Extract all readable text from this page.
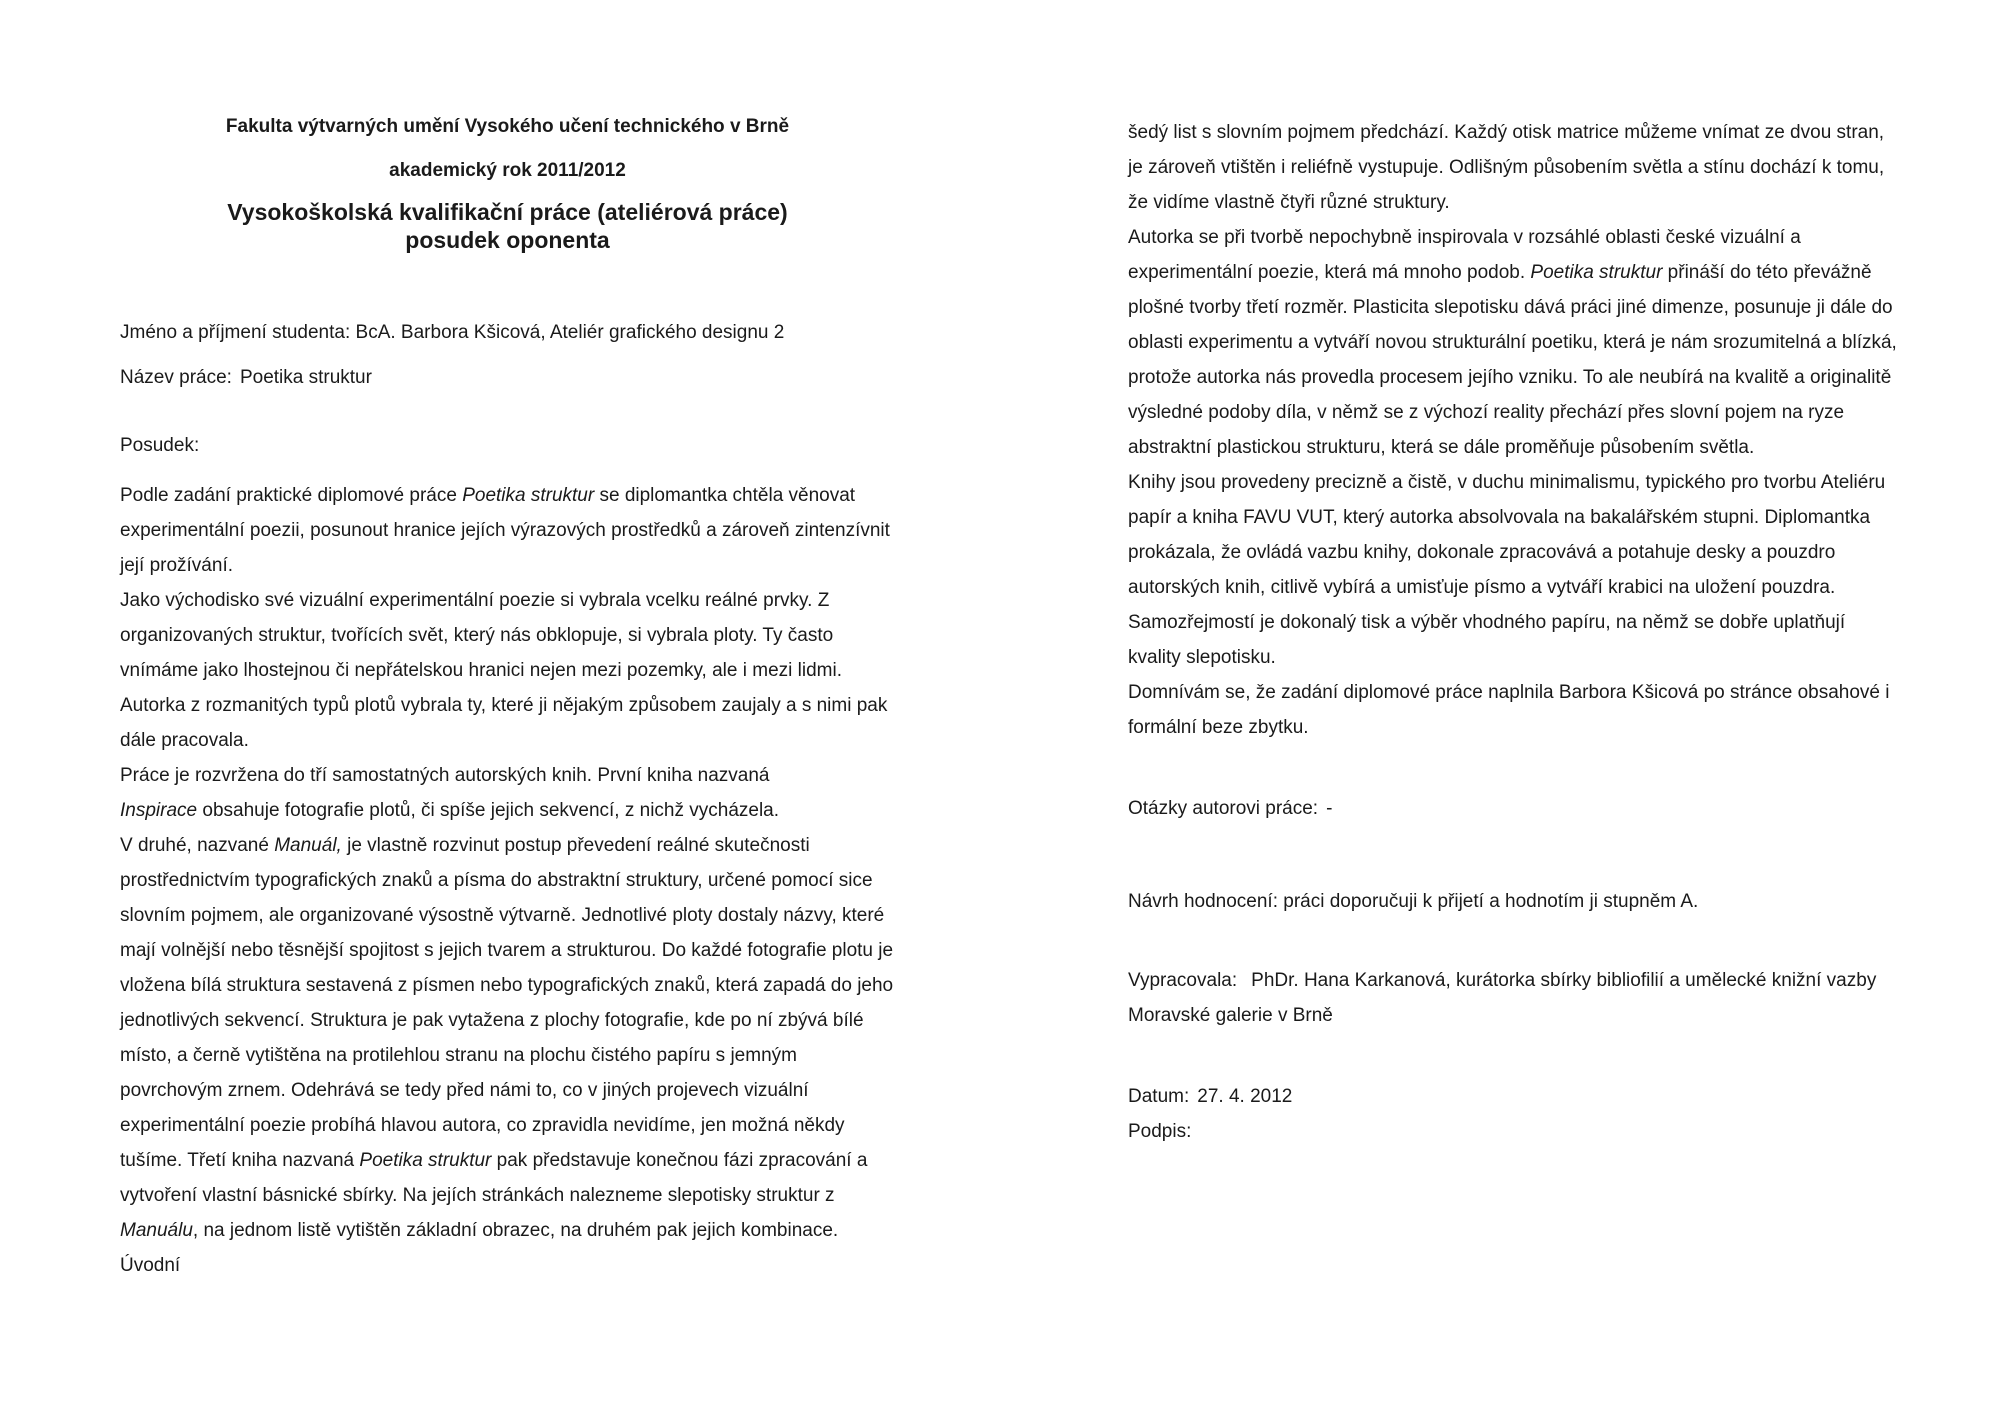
Fakulta výtvarných umění Vysokého učení technického v Brně

akademický rok 2011/2012

Vysokoškolská kvalifikační práce (ateliérová práce)
posudek oponenta

Jméno a příjmení studenta: BcA. Barbora Kšicová, Ateliér grafického designu 2

Název práce: Poetika struktur

Posudek:

Podle zadání praktické diplomové práce Poetika struktur se diplomantka chtěla věnovat experimentální poezii, posunout hranice jejích výrazových prostředků a zároveň zintenzívnit její prožívání.

Jako východisko své vizuální experimentální poezie si vybrala vcelku reálné prvky. Z organizovaných struktur, tvořících svět, který nás obklopuje, si vybrala ploty. Ty často vnímáme jako lhostejnou či nepřátelskou hranici nejen mezi pozemky, ale i mezi lidmi. Autorka z rozmanitých typů plotů vybrala ty, které ji nějakým způsobem zaujaly a s nimi pak dále pracovala.

Práce je rozvržena do tří samostatných autorských knih. První kniha nazvaná
Inspirace obsahuje fotografie plotů, či spíše jejich sekvencí, z nichž vycházela.

V druhé, nazvané Manuál, je vlastně rozvinut postup převedení reálné skutečnosti prostřednictvím typografických znaků a písma do abstraktní struktury, určené pomocí sice slovním pojmem, ale organizované výsostně výtvarně. Jednotlivé ploty dostaly názvy, které mají volnější nebo těsnější spojitost s jejich tvarem a strukturou. Do každé fotografie plotu je vložena bílá struktura sestavená z písmen nebo typografických znaků, která zapadá do jeho jednotlivých sekvencí. Struktura je pak vytažena z plochy fotografie, kde po ní zbývá bílé místo, a černě vytištěna na protilehlou stranu na plochu čistého papíru s jemným povrchovým zrnem. Odehrává se tedy před námi to, co v jiných projevech vizuální experimentální poezie probíhá hlavou autora, co zpravidla nevidíme, jen možná někdy tušíme. Třetí kniha nazvaná Poetika struktur pak představuje konečnou fázi zpracování a vytvoření vlastní básnické sbírky. Na jejích stránkách nalezneme slepotisky struktur z Manuálu, na jednom listě vytištěn základní obrazec, na druhém pak jejich kombinace. Úvodní

šedý list s slovním pojmem předchází. Každý otisk matrice můžeme vnímat ze dvou stran, je zároveň vtištěn i reliéfně vystupuje. Odlišným působením světla a stínu dochází k tomu, že vidíme vlastně čtyři různé struktury.

Autorka se při tvorbě nepochybně inspirovala v rozsáhlé oblasti české vizuální a experimentální poezie, která má mnoho podob. Poetika struktur přináší do této převážně plošné tvorby třetí rozměr. Plasticita slepotisku dává práci jiné dimenze, posunuje ji dále do oblasti experimentu a vytváří novou strukturální poetiku, která je nám srozumitelná a blízká, protože autorka nás provedla procesem jejího vzniku. To ale neubírá na kvalitě a originalitě výsledné podoby díla, v němž se z výchozí reality přechází přes slovní pojem na ryze abstraktní plastickou strukturu, která se dále proměňuje působením světla.

Knihy jsou provedeny precizně a čistě, v duchu minimalismu, typického pro tvorbu Ateliéru papír a kniha FAVU VUT, který autorka absolvovala na bakalářském stupni. Diplomantka prokázala, že ovládá vazbu knihy, dokonale zpracovává a potahuje desky a pouzdro autorských knih, citlivě vybírá a umisťuje písmo a vytváří krabici na uložení pouzdra. Samozřejmostí je dokonalý tisk a výběr vhodného papíru, na němž se dobře uplatňují kvality slepotisku.

Domnívám se, že zadání diplomové práce naplnila Barbora Kšicová po stránce obsahové i formální beze zbytku.

Otázky autorovi práce: -

Návrh hodnocení: práci doporučuji k přijetí a hodnotím ji stupněm A.

Vypracovala: PhDr. Hana Karkanová, kurátorka sbírky bibliofilií a umělecké knižní vazby Moravské galerie v Brně

Datum: 27. 4. 2012

Podpis:
